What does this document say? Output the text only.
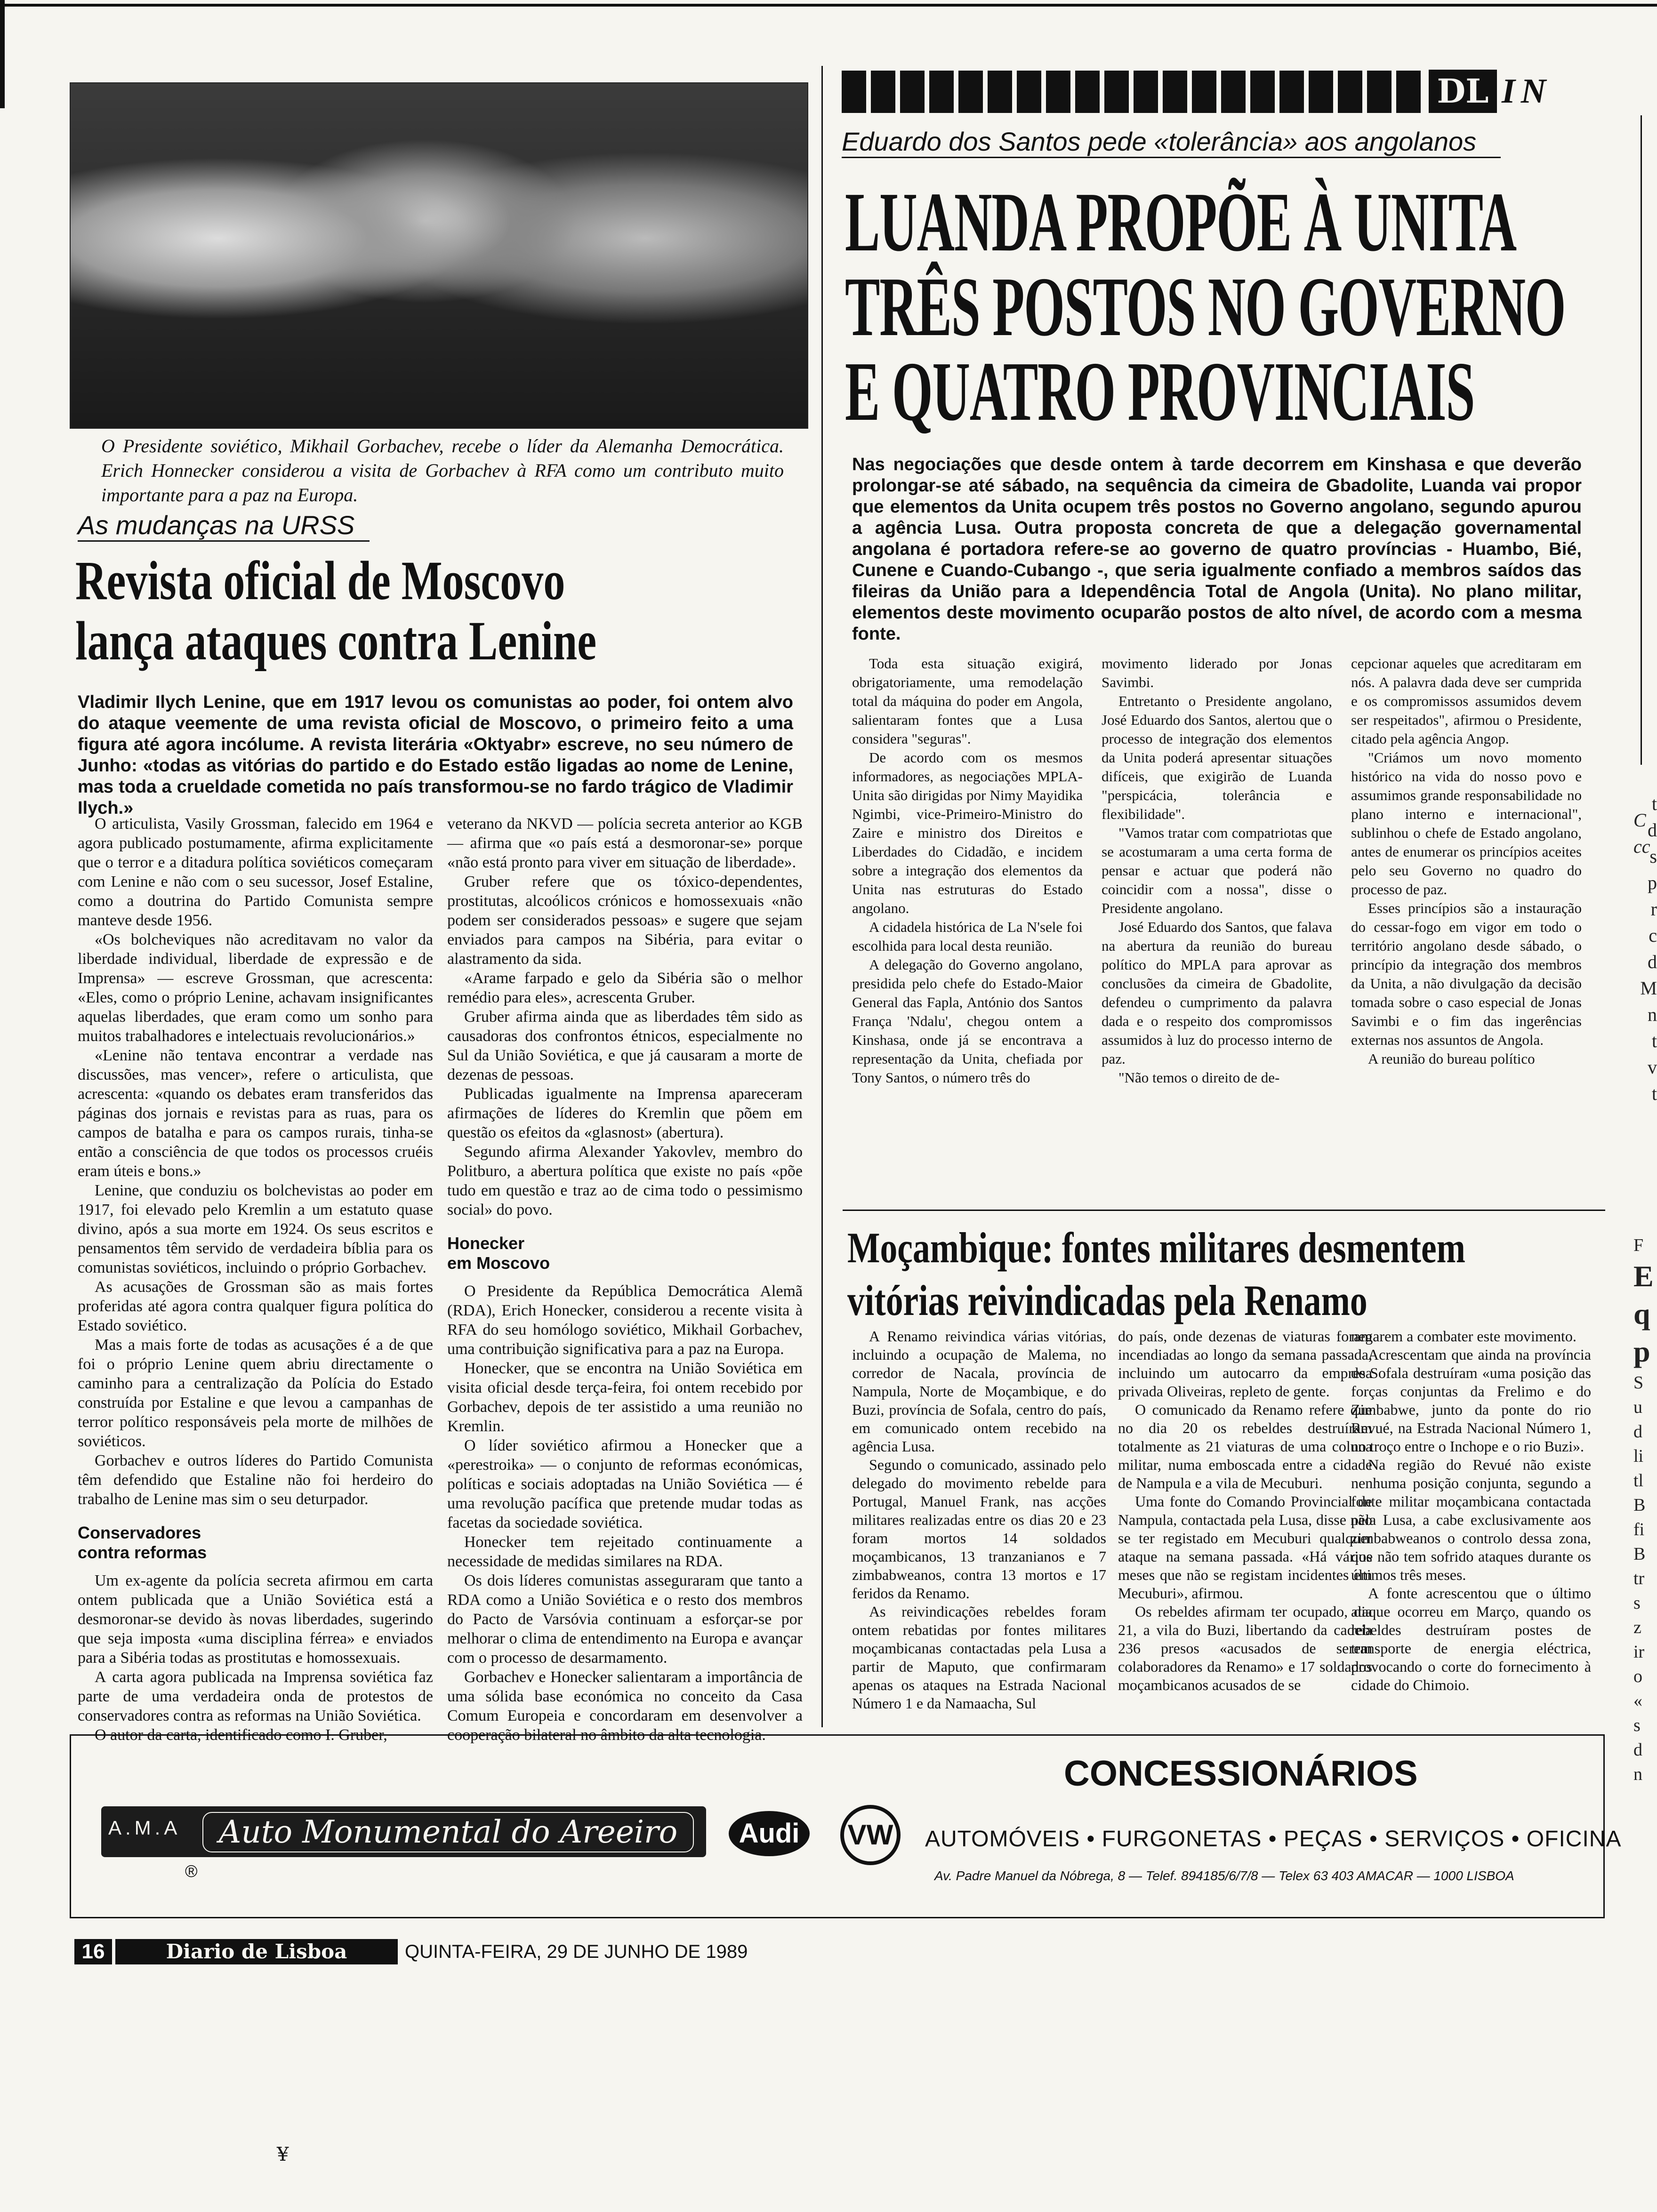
O Presidente soviético, Mikhail Gorbachev, recebe o líder da Alemanha Democrática. Erich Honnecker considerou a visita de Gorbachev à RFA como um contributo muito importante para a paz na Europa.
As mudanças na URSS
Revista oficial de Moscovo
lança ataques contra Lenine
Vladimir Ilych Lenine, que em 1917 levou os comunistas ao poder, foi ontem alvo do ataque veemente de uma revista oficial de Moscovo, o primeiro feito a uma figura até agora incólume. A revista literária «Oktyabr» escreve, no seu número de Junho: «todas as vitórias do partido e do Estado estão ligadas ao nome de Lenine, mas toda a crueldade cometida no país transformou-se no fardo trágico de Vladimir Ilych.»

O articulista, Vasily Grossman, falecido em 1964 e agora publicado postumamente, afirma explicitamente que o terror e a ditadura política soviéticos começaram com Lenine e não com o seu sucessor, Josef Estaline, como a doutrina do Partido Comunista sempre manteve desde 1956.

«Os bolcheviques não acreditavam no valor da liberdade individual, liberdade de expressão e de Imprensa» — escreve Grossman, que acrescenta: «Eles, como o próprio Lenine, achavam insignificantes aquelas liberdades, que eram como um sonho para muitos trabalhadores e intelectuais revolucionários.»

«Lenine não tentava encontrar a verdade nas discussões, mas vencer», refere o articulista, que acrescenta: «quando os debates eram transferidos das páginas dos jornais e revistas para as ruas, para os campos de batalha e para os campos rurais, tinha-se então a consciência de que todos os processos cruéis eram úteis e bons.»

Lenine, que conduziu os bolchevistas ao poder em 1917, foi elevado pelo Kremlin a um estatuto quase divino, após a sua morte em 1924. Os seus escritos e pensamentos têm servido de verdadeira bíblia para os comunistas soviéticos, incluindo o próprio Gorbachev.

As acusações de Grossman são as mais fortes proferidas até agora contra qualquer figura política do Estado soviético.

Mas a mais forte de todas as acusações é a de que foi o próprio Lenine quem abriu directamente o caminho para a centralização da Polícia do Estado construída por Estaline e que levou a campanhas de terror político responsáveis pela morte de milhões de soviéticos.

Gorbachev e outros líderes do Partido Comunista têm defendido que Estaline não foi herdeiro do trabalho de Lenine mas sim o seu deturpador.

Conservadores
contra reformas

Um ex-agente da polícia secreta afirmou em carta ontem publicada que a União Soviética está a desmoronar-se devido às novas liberdades, sugerindo que seja imposta «uma disciplina férrea» e enviados para a Sibéria todas as prostitutas e homossexuais.

A carta agora publicada na Imprensa soviética faz parte de uma verdadeira onda de protestos de conservadores contra as reformas na União Soviética.

O autor da carta, identificado como I. Gruber,

veterano da NKVD — polícia secreta anterior ao KGB — afirma que «o país está a desmoronar-se» porque «não está pronto para viver em situação de liberdade».

Gruber refere que os tóxico-dependentes, prostitutas, alcoólicos crónicos e homossexuais «não podem ser considerados pessoas» e sugere que sejam enviados para campos na Sibéria, para evitar o alastramento da sida.

«Arame farpado e gelo da Sibéria são o melhor remédio para eles», acrescenta Gruber.

Gruber afirma ainda que as liberdades têm sido as causadoras dos confrontos étnicos, especialmente no Sul da União Soviética, e que já causaram a morte de dezenas de pessoas.

Publicadas igualmente na Imprensa apareceram afirmações de líderes do Kremlin que põem em questão os efeitos da «glasnost» (abertura).

Segundo afirma Alexander Yakovlev, membro do Politburo, a abertura política que existe no país «põe tudo em questão e traz ao de cima todo o pessimismo social» do povo.

Honecker
em Moscovo

O Presidente da República Democrática Alemã (RDA), Erich Honecker, considerou a recente visita à RFA do seu homólogo soviético, Mikhail Gorbachev, uma contribuição significativa para a paz na Europa.

Honecker, que se encontra na União Soviética em visita oficial desde terça-feira, foi ontem recebido por Gorbachev, depois de ter assistido a uma reunião no Kremlin.

O líder soviético afirmou a Honecker que a «perestroika» — o conjunto de reformas económicas, políticas e sociais adoptadas na União Soviética — é uma revolução pacífica que pretende mudar todas as facetas da sociedade soviética.

Honecker tem rejeitado continuamente a necessidade de medidas similares na RDA.

Os dois líderes comunistas asseguraram que tanto a RDA como a União Soviética e o resto dos membros do Pacto de Varsóvia continuam a esforçar-se por melhorar o clima de entendimento na Europa e avançar com o processo de desarmamento.

Gorbachev e Honecker salientaram a importância de uma sólida base económica no conceito da Casa Comum Europeia e concordaram em desenvolver a cooperação bilateral no âmbito da alta tecnologia.

DL IN
Eduardo dos Santos pede «tolerância» aos angolanos
LUANDA PROPÕE À UNITA
TRÊS POSTOS NO GOVERNO
E QUATRO PROVINCIAIS
Nas negociações que desde ontem à tarde decorrem em Kinshasa e que deverão prolongar-se até sábado, na sequência da cimeira de Gbadolite, Luanda vai propor que elementos da Unita ocupem três postos no Governo angolano, segundo apurou a agência Lusa. Outra proposta concreta de que a delegação governamental angolana é portadora refere-se ao governo de quatro províncias - Huambo, Bié, Cunene e Cuando-Cubango -, que seria igualmente confiado a membros saídos das fileiras da União para a Idependência Total de Angola (Unita). No plano militar, elementos deste movimento ocuparão postos de alto nível, de acordo com a mesma fonte.

Toda esta situação exigirá, obrigatoriamente, uma remodelação total da máquina do poder em Angola, salientaram fontes que a Lusa considera "seguras".

De acordo com os mesmos informadores, as negociações MPLA-Unita são dirigidas por Nimy Mayidika Ngimbi, vice-Primeiro-Ministro do Zaire e ministro dos Direitos e Liberdades do Cidadão, e incidem sobre a integração dos elementos da Unita nas estruturas do Estado angolano.

A cidadela histórica de La N'sele foi escolhida para local desta reunião.

A delegação do Governo angolano, presidida pelo chefe do Estado-Maior General das Fapla, António dos Santos França 'Ndalu', chegou ontem a Kinshasa, onde já se encontrava a representação da Unita, chefiada por Tony Santos, o número três do

movimento liderado por Jonas Savimbi.

Entretanto o Presidente angolano, José Eduardo dos Santos, alertou que o processo de integração dos elementos da Unita poderá apresentar situações difíceis, que exigirão de Luanda "perspicácia, tolerância e flexibilidade".

"Vamos tratar com compatriotas que se acostumaram a uma certa forma de pensar e actuar que poderá não coincidir com a nossa", disse o Presidente angolano.

José Eduardo dos Santos, que falava na abertura da reunião do bureau político do MPLA para aprovar as conclusões da cimeira de Gbadolite, defendeu o cumprimento da palavra dada e o respeito dos compromissos assumidos à luz do processo interno de paz.

"Não temos o direito de de-

cepcionar aqueles que acreditaram em nós. A palavra dada deve ser cumprida e os compromissos assumidos devem ser respeitados", afirmou o Presidente, citado pela agência Angop.

"Criámos um novo momento histórico na vida do nosso povo e assumimos grande responsabilidade no plano interno e internacional", sublinhou o chefe de Estado angolano, antes de enumerar os princípios aceites pelo seu Governo no quadro do processo de paz.

Esses princípios são a instauração do cessar-fogo em vigor em todo o território angolano desde sábado, o princípio da integração dos membros da Unita, a não divulgação da decisão tomada sobre o caso especial de Jonas Savimbi e o fim das ingerências externas nos assuntos de Angola.

A reunião do bureau político

Moçambique: fontes militares desmentem
vitórias reivindicadas pela Renamo

A Renamo reivindica várias vitórias, incluindo a ocupação de Malema, no corredor de Nacala, província de Nampula, Norte de Moçambique, e do Buzi, província de Sofala, centro do país, em comunicado ontem recebido na agência Lusa.

Segundo o comunicado, assinado pelo delegado do movimento rebelde para Portugal, Manuel Frank, nas acções militares realizadas entre os dias 20 e 23 foram mortos 14 soldados moçambicanos, 13 tranzanianos e 7 zimbabweanos, contra 13 mortos e 17 feridos da Renamo.

As reivindicações rebeldes foram ontem rebatidas por fontes militares moçambicanas contactadas pela Lusa a partir de Maputo, que confirmaram apenas os ataques na Estrada Nacional Número 1 e da Namaacha, Sul

do país, onde dezenas de viaturas foram incendiadas ao longo da semana passada, incluindo um autocarro da empresa privada Oliveiras, repleto de gente.

O comunicado da Renamo refere que no dia 20 os rebeldes destruíram totalmente as 21 viaturas de uma coluna militar, numa emboscada entre a cidade de Nampula e a vila de Mecuburi.

Uma fonte do Comando Provincial de Nampula, contactada pela Lusa, disse não se ter registado em Mecuburi qualquer ataque na semana passada. «Há vários meses que não se registam incidentes em Mecuburi», afirmou.

Os rebeldes afirmam ter ocupado, dia 21, a vila do Buzi, libertando da cadeia 236 presos «acusados de serem colaboradores da Renamo» e 17 soldados moçambicanos acusados de se

negarem a combater este movimento.

Acrescentam que ainda na província de Sofala destruíram «uma posição das forças conjuntas da Frelimo e do Zimbabwe, junto da ponte do rio Revué, na Estrada Nacional Número 1, no troço entre o Inchope e o rio Buzi».

Na região do Revué não existe nenhuma posição conjunta, segundo a fonte militar moçambicana contactada pela Lusa, a cabe exclusivamente aos zimbabweanos o controlo dessa zona, que não tem sofrido ataques durante os últimos três meses.

A fonte acrescentou que o último ataque ocorreu em Março, quando os rebeldes destruíram postes de transporte de energia eléctrica, provocando o corte do fornecimento à cidade do Chimoio.

t
d
s
p
r
c
d
M
n
t
v
t
C
cc
F
E
q
p
S
u
d
li
tl
B
fi
B
tr
s
z
ir
o
«
s
d
n
A.M.A	Auto Monumental do Areeiro	Audi	VW
®
CONCESSIONÁRIOS
AUTOMÓVEIS • FURGONETAS • PEÇAS • SERVIÇOS • OFICINA
Av. Padre Manuel da Nóbrega, 8 — Telef. 894185/6/7/8 — Telex 63 403 AMACAR — 1000 LISBOA
16	Diario de Lisboa	QUINTA-FEIRA, 29 DE JUNHO DE 1989
¥
